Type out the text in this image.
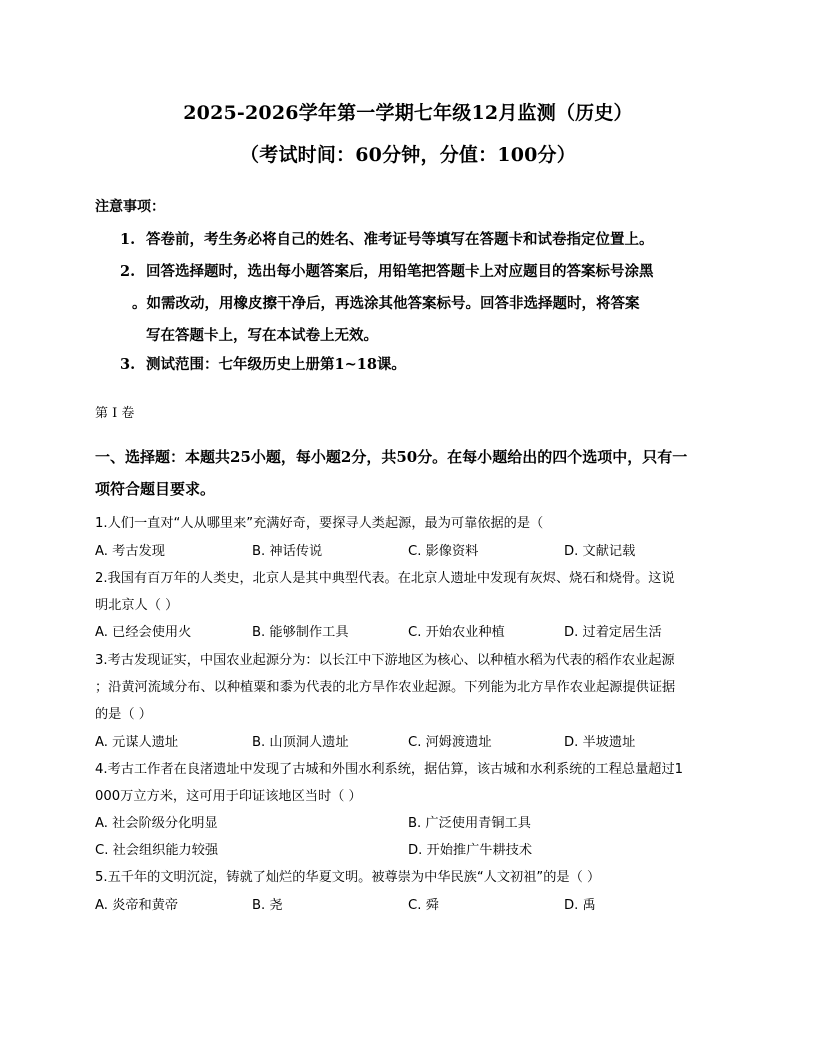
2025-2026学年第一学期七年级12月监测（历史）
（考试时间：60分钟，分值：100分）
注意事项：
1. 答卷前，考生务必将自己的姓名、准考证号等填写在答题卡和试卷指定位置上。
2. 回答选择题时，选出每小题答案后，用铅笔把答题卡上对应题目的答案标号涂黑
。如需改动，用橡皮擦干净后，再选涂其他答案标号。回答非选择题时，将答案
写在答题卡上，写在本试卷上无效。
3. 测试范围：七年级历史上册第1~18课。
第 I 卷
一、选择题：本题共25小题，每小题2分，共50分。在每小题给出的四个选项中，只有一
项符合题目要求。
1.人们一直对“人从哪里来”充满好奇，要探寻人类起源，最为可靠依据的是（
A. 考古发现	B. 神话传说	C. 影像资料	D. 文献记载
2.我国有百万年的人类史，北京人是其中典型代表。在北京人遗址中发现有灰烬、烧石和烧骨。这说
明北京人（ ）
A. 已经会使用火	B. 能够制作工具	C. 开始农业种植	D. 过着定居生活
3.考古发现证实，中国农业起源分为：以长江中下游地区为核心、以种植水稻为代表的稻作农业起源
；沿黄河流域分布、以种植粟和黍为代表的北方旱作农业起源。下列能为北方旱作农业起源提供证据
的是（ ）
A. 元谋人遗址	B. 山顶洞人遗址	C. 河姆渡遗址	D. 半坡遗址
4.考古工作者在良渚遗址中发现了古城和外围水利系统，据估算，该古城和水利系统的工程总量超过1
000万立方米，这可用于印证该地区当时（ ）
A. 社会阶级分化明显	B. 广泛使用青铜工具
C. 社会组织能力较强	D. 开始推广牛耕技术
5.五千年的文明沉淀，铸就了灿烂的华夏文明。被尊崇为中华民族“人文初祖”的是（ ）
A. 炎帝和黄帝	B. 尧	C. 舜	D. 禹
